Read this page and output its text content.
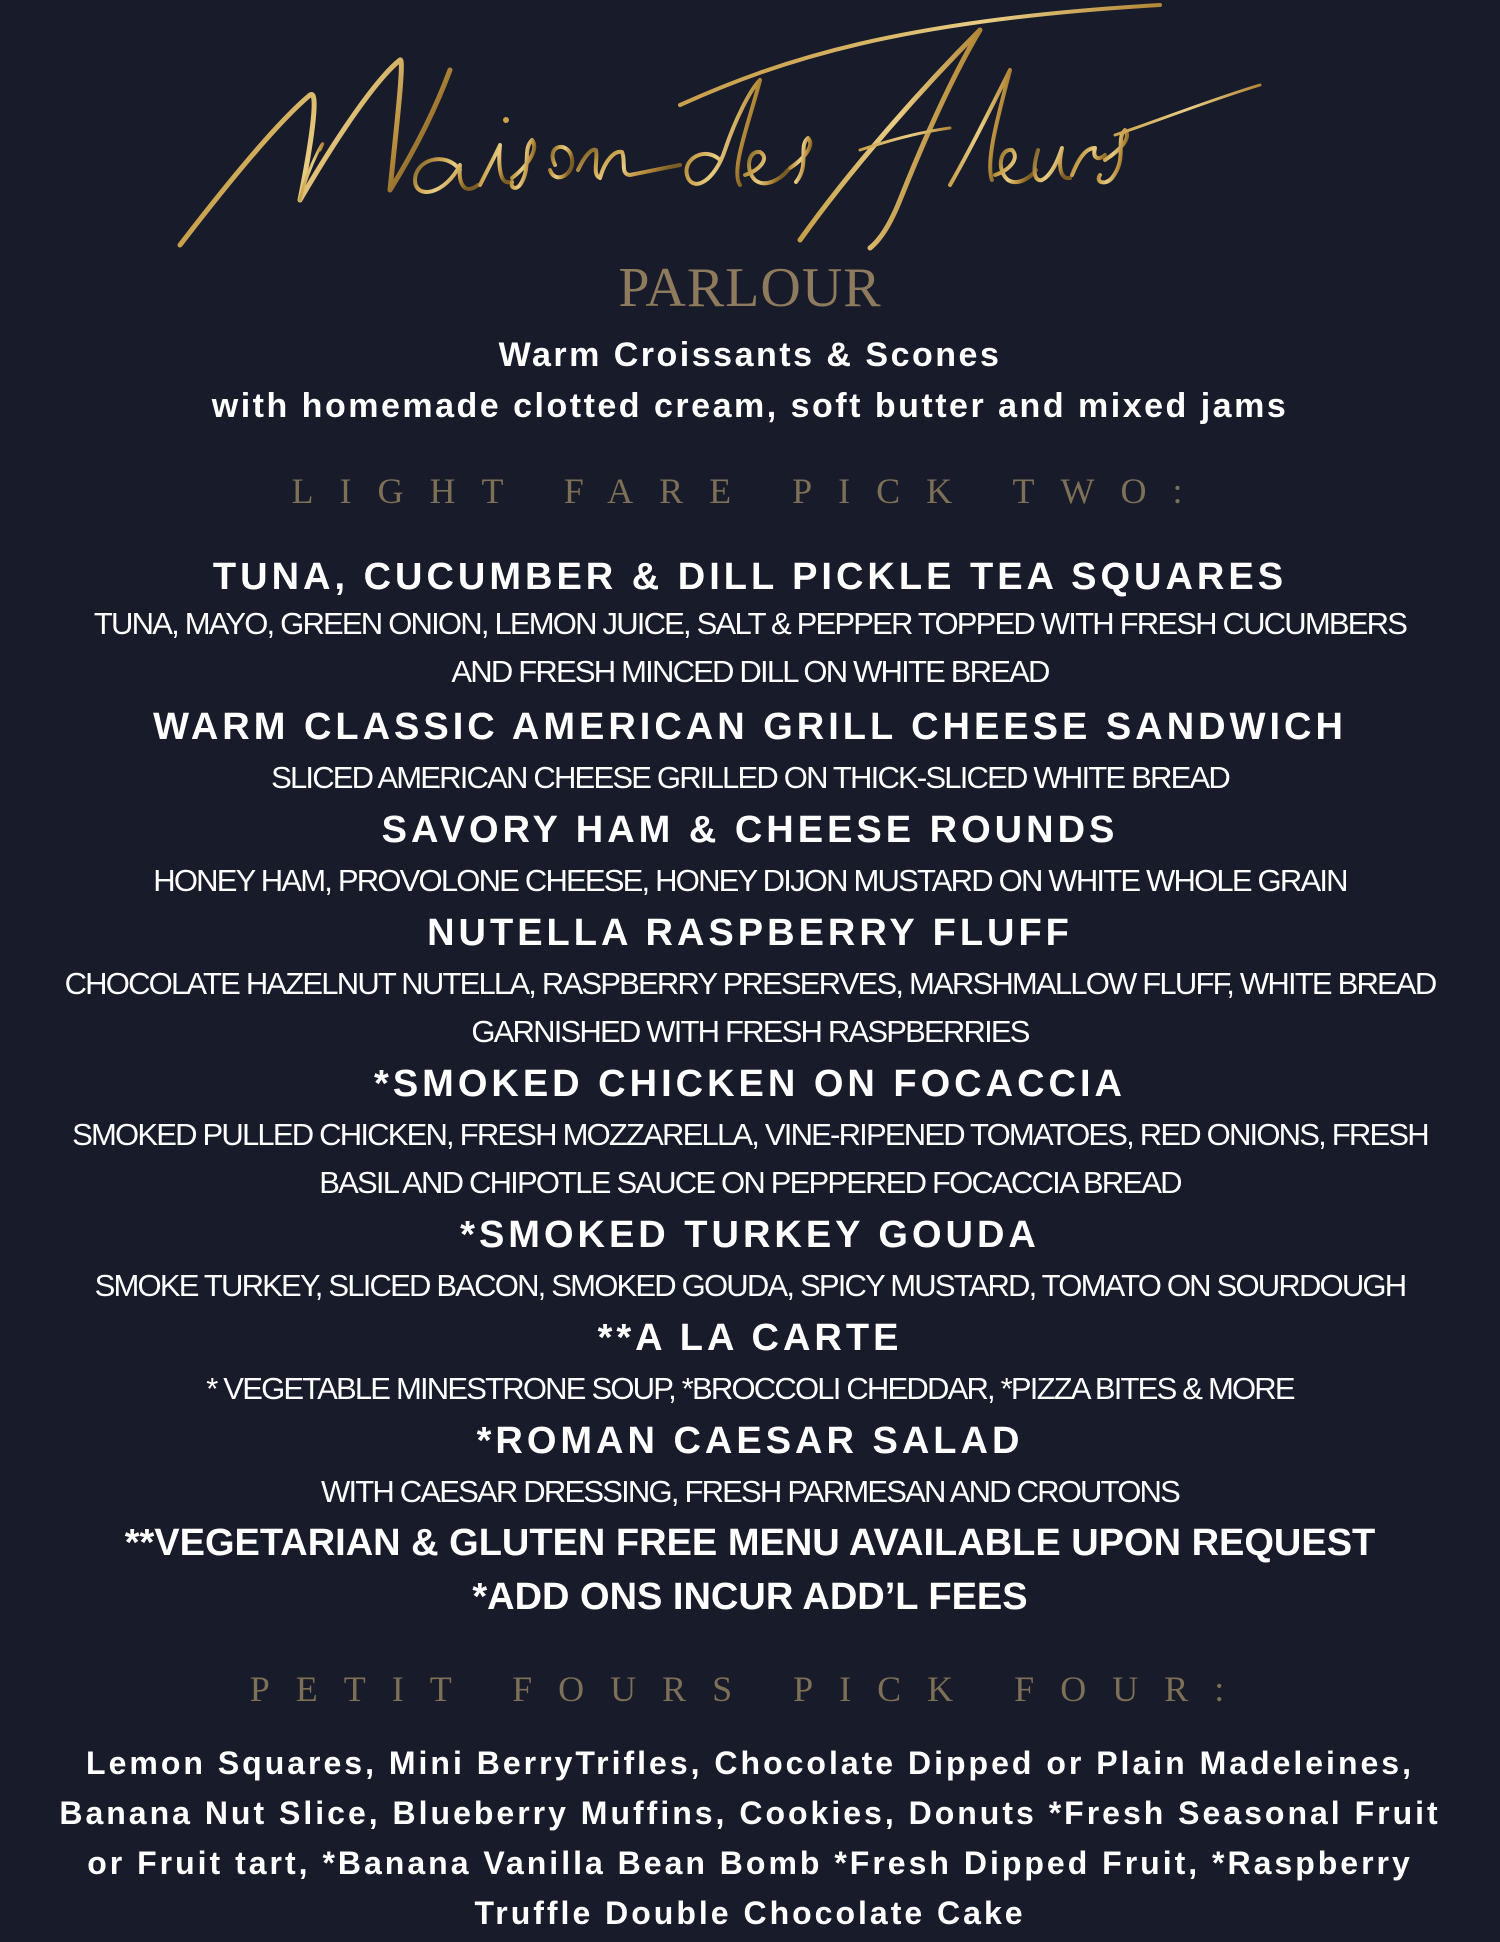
PARLOUR
Warm Croissants & Scones
with homemade clotted cream, soft butter and mixed jams
LIGHT FARE PICK TWO:
TUNA, CUCUMBER & DILL PICKLE TEA SQUARES
TUNA, MAYO, GREEN ONION, LEMON JUICE, SALT & PEPPER TOPPED WITH FRESH CUCUMBERS
AND FRESH MINCED DILL ON WHITE BREAD
WARM CLASSIC AMERICAN GRILL CHEESE SANDWICH
SLICED AMERICAN CHEESE GRILLED ON THICK-SLICED WHITE BREAD
SAVORY HAM & CHEESE ROUNDS
HONEY HAM, PROVOLONE CHEESE, HONEY DIJON MUSTARD ON WHITE WHOLE GRAIN
NUTELLA RASPBERRY FLUFF
CHOCOLATE HAZELNUT NUTELLA, RASPBERRY PRESERVES, MARSHMALLOW FLUFF, WHITE BREAD
GARNISHED WITH FRESH RASPBERRIES
*SMOKED CHICKEN ON FOCACCIA
SMOKED PULLED CHICKEN, FRESH MOZZARELLA, VINE-RIPENED TOMATOES, RED ONIONS, FRESH
BASIL AND CHIPOTLE SAUCE ON PEPPERED FOCACCIA BREAD
*SMOKED TURKEY GOUDA
SMOKE TURKEY, SLICED BACON, SMOKED GOUDA, SPICY MUSTARD, TOMATO ON SOURDOUGH
**A LA CARTE
* VEGETABLE MINESTRONE SOUP, *BROCCOLI CHEDDAR, *PIZZA BITES & MORE
*ROMAN CAESAR SALAD
WITH CAESAR DRESSING, FRESH PARMESAN AND CROUTONS
**VEGETARIAN & GLUTEN FREE MENU AVAILABLE UPON REQUEST
*ADD ONS INCUR ADD’L FEES
PETIT FOURS PICK FOUR:
Lemon Squares, Mini BerryTrifles, Chocolate Dipped or Plain Madeleines,
Banana Nut Slice, Blueberry Muffins, Cookies, Donuts *Fresh Seasonal Fruit
or Fruit tart, *Banana Vanilla Bean Bomb *Fresh Dipped Fruit, *Raspberry
Truffle Double Chocolate Cake
